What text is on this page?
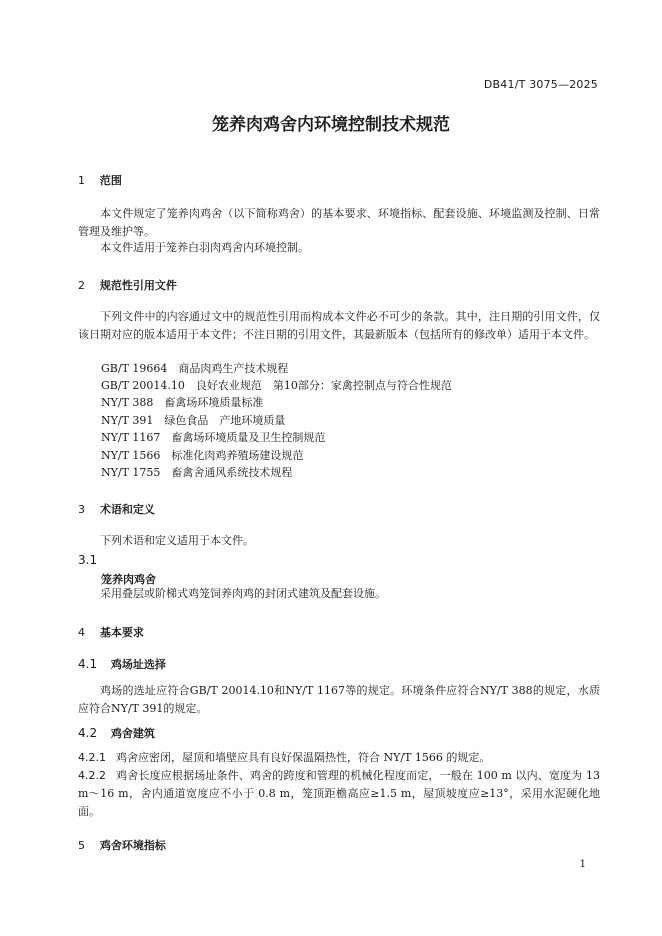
DB41/T 3075—2025
笼养肉鸡舍内环境控制技术规范
1 范围
本文件规定了笼养肉鸡舍（以下简称鸡舍）的基本要求、环境指标、配套设施、环境监测及控制、日常管理及维护等。
本文件适用于笼养白羽肉鸡舍内环境控制。
2 规范性引用文件
下列文件中的内容通过文中的规范性引用而构成本文件必不可少的条款。其中，注日期的引用文件，仅该日期对应的版本适用于本文件；不注日期的引用文件，其最新版本（包括所有的修改单）适用于本文件。
GB/T 19664　商品肉鸡生产技术规程
GB/T 20014.10　良好农业规范　第10部分：家禽控制点与符合性规范
NY/T 388　畜禽场环境质量标准
NY/T 391　绿色食品　产地环境质量
NY/T 1167　畜禽场环境质量及卫生控制规范
NY/T 1566　标准化肉鸡养殖场建设规范
NY/T 1755　畜禽舍通风系统技术规程
3 术语和定义
下列术语和定义适用于本文件。
3.1
笼养肉鸡舍
采用叠层或阶梯式鸡笼饲养肉鸡的封闭式建筑及配套设施。
4 基本要求
4.1 鸡场址选择
鸡场的选址应符合GB/T 20014.10和NY/T 1167等的规定。环境条件应符合NY/T 388的规定，水质应符合NY/T 391的规定。
4.2 鸡舍建筑
4.2.1 鸡舍应密闭，屋顶和墙壁应具有良好保温隔热性，符合 NY/T 1566 的规定。
4.2.2 鸡舍长度应根据场址条件、鸡舍的跨度和管理的机械化程度而定，一般在 100 m 以内、宽度为 13 m～16 m，舍内通道宽度应不小于 0.8 m，笼顶距檐高应≥1.5 m，屋顶坡度应≥13°，采用水泥硬化地面。
5 鸡舍环境指标
1
